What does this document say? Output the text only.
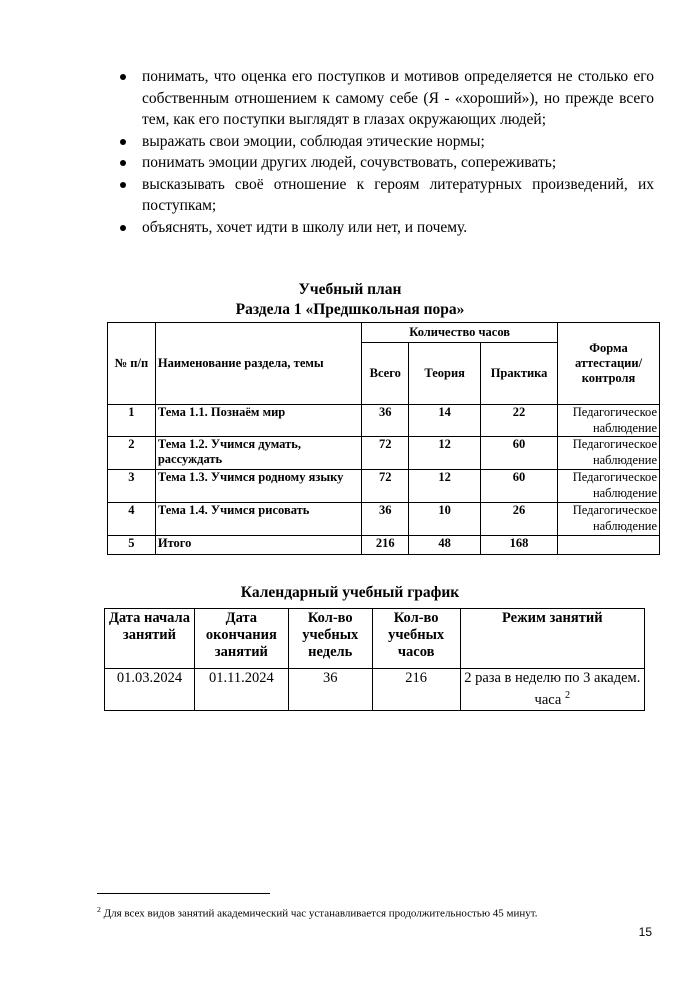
понимать, что оценка его поступков и мотивов определяется не столько его собственным отношением к самому себе (Я - «хороший»), но прежде всего тем, как его поступки выглядят в глазах окружающих людей;
выражать свои эмоции, соблюдая этические нормы;
понимать эмоции других людей, сочувствовать, сопереживать;
высказывать своё отношение к героям литературных произведений, их поступкам;
объяснять, хочет идти в школу или нет, и почему.
Учебный план
Раздела 1 «Предшкольная пора»
№ п/п	Наименование раздела, темы	Количество часов			Форма аттестации/ контроля
		Всего	Теория	Практика	
1	Тема 1.1. Познаём мир	36	14	22	Педагогическое наблюдение
2	Тема 1.2. Учимся думать, рассуждать	72	12	60	Педагогическое наблюдение
3	Тема 1.3. Учимся родному языку	72	12	60	Педагогическое наблюдение
4	Тема 1.4. Учимся рисовать	36	10	26	Педагогическое наблюдение
5	Итого	216	48	168	
Календарный учебный график
Дата начала занятий	Дата окончания занятий	Кол-во учебных недель	Кол-во учебных часов	Режим занятий
01.03.2024	01.11.2024	36	216	2 раза в неделю по 3 академ. часа $^2$
$^2$ Для всех видов занятий академический час устанавливается продолжительностью 45 минут.
15
